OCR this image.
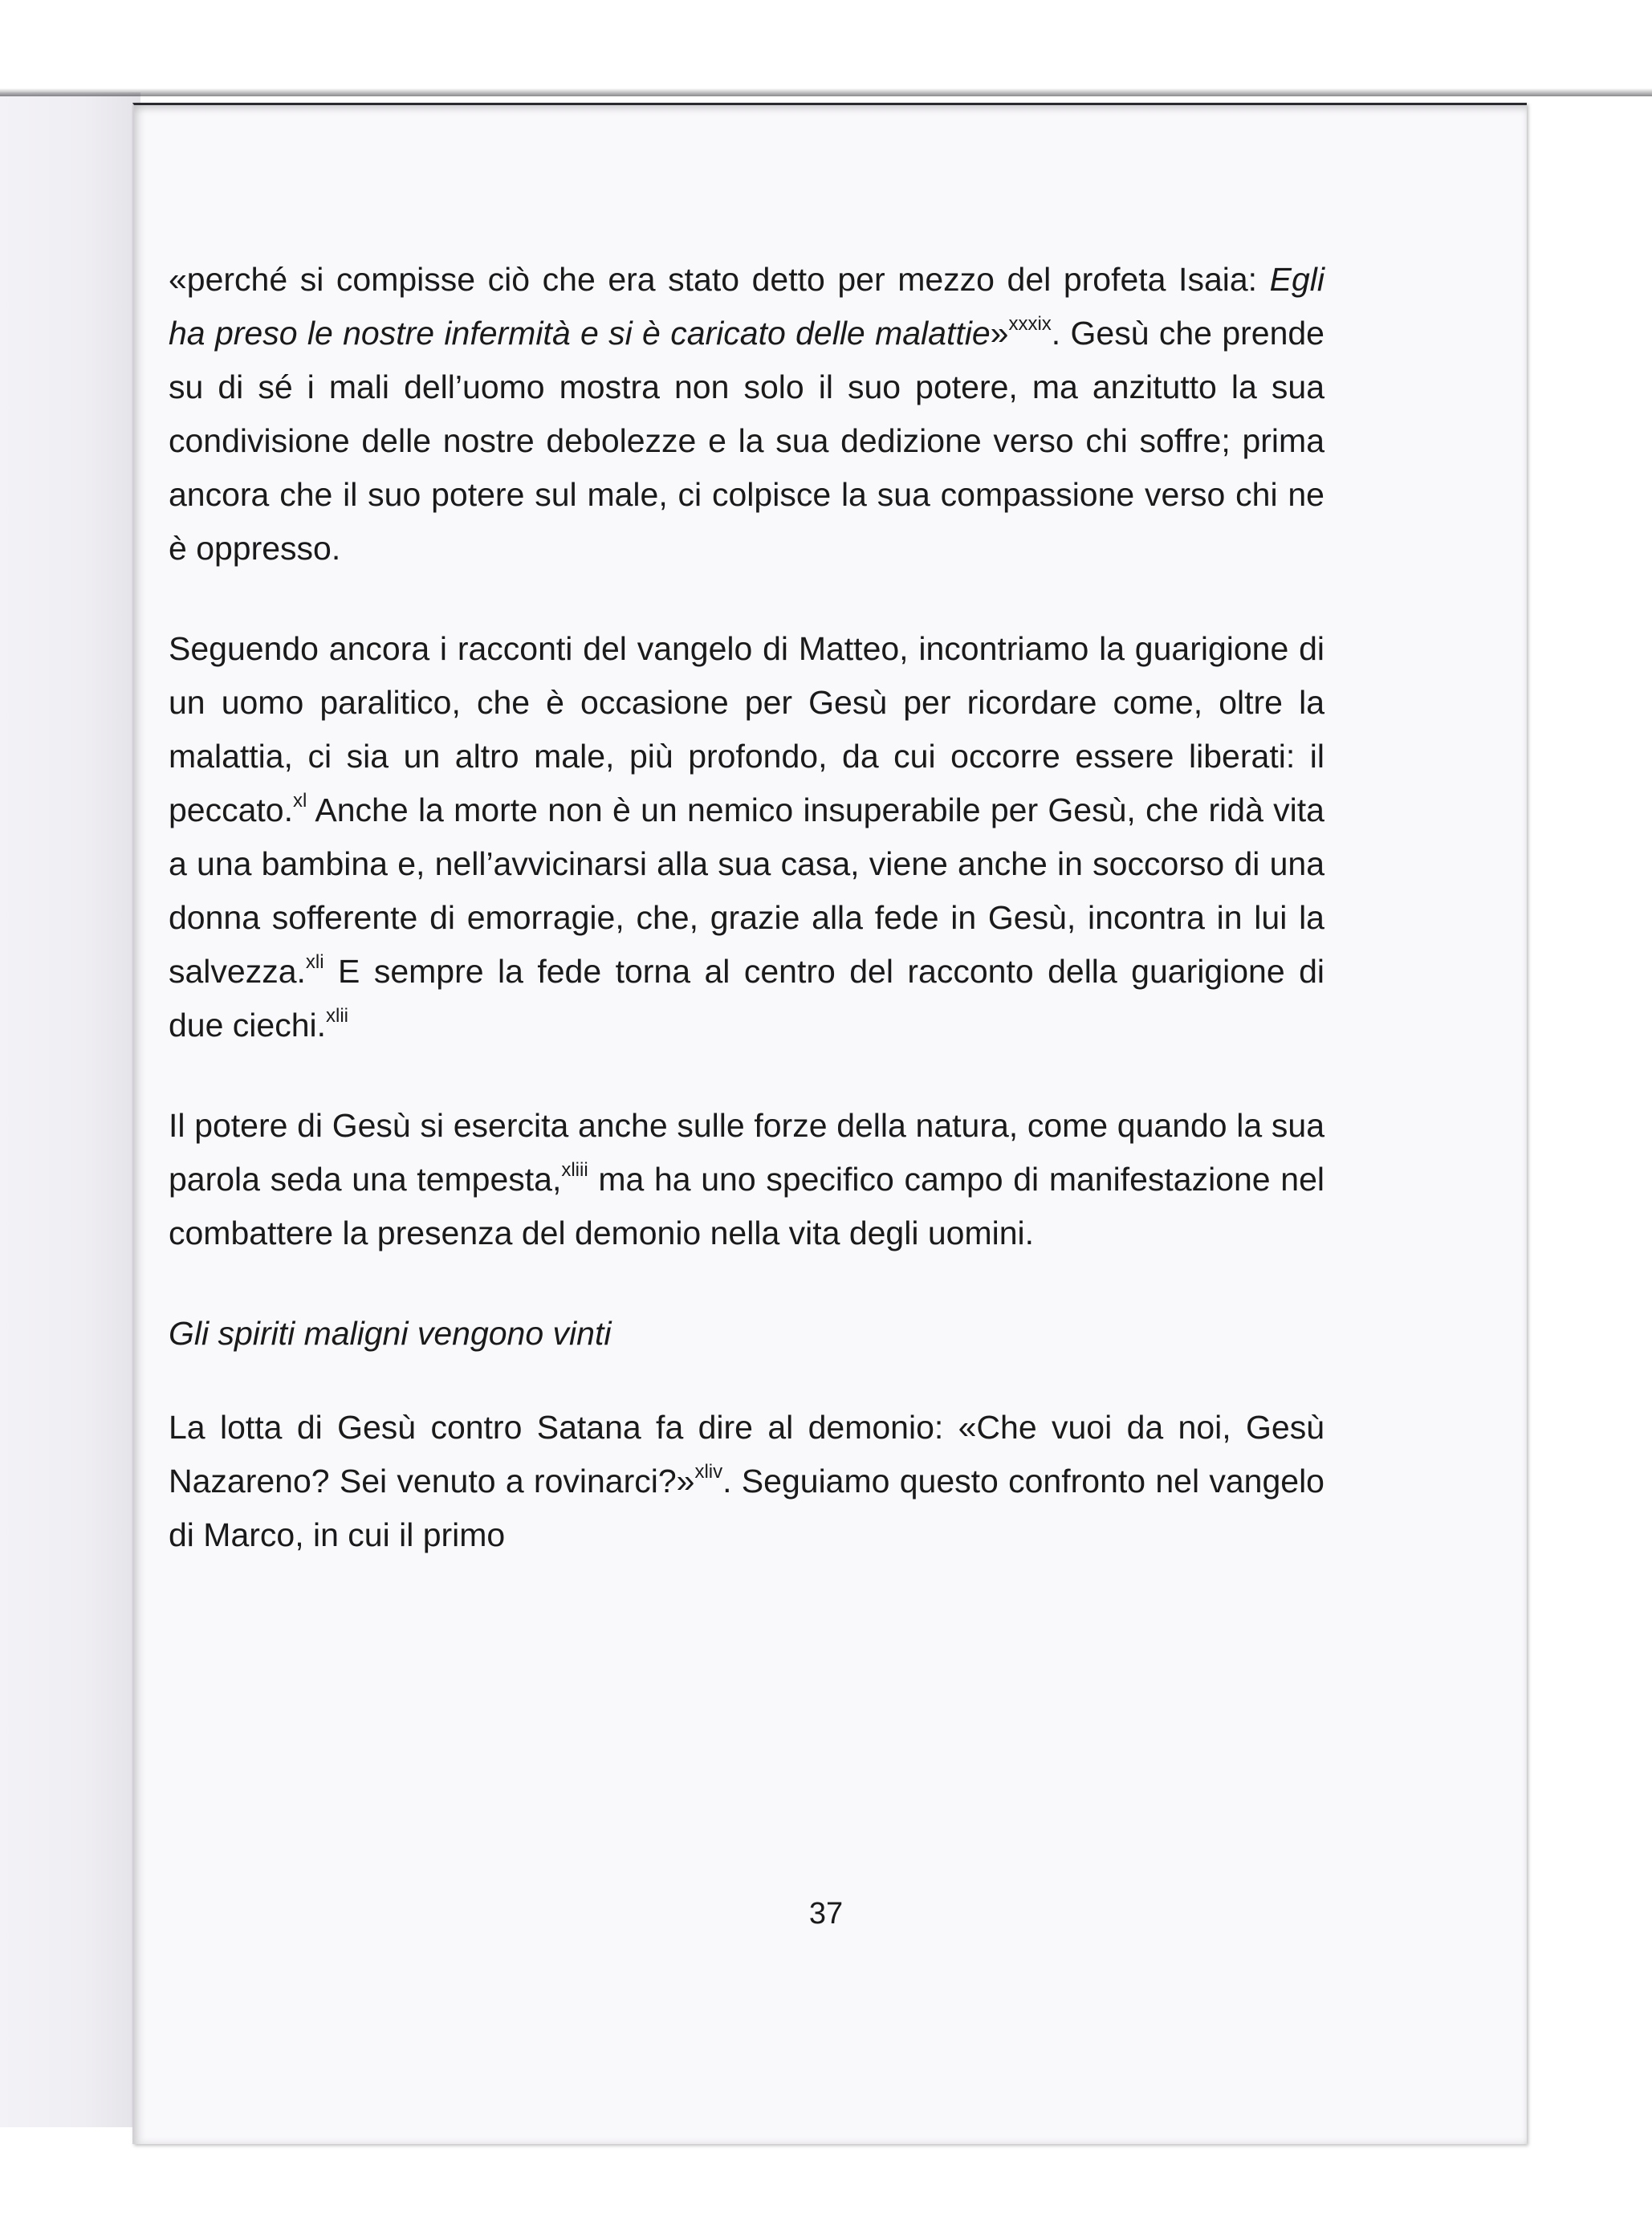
«perché si compisse ciò che era stato detto per mezzo del profeta Isaia: Egli ha preso le nostre infermità e si è caricato delle malattie»$^{xxxix}$. Gesù che prende su di sé i mali dell’uomo mostra non solo il suo potere, ma anzitutto la sua condivisione delle nostre debolezze e la sua dedizione verso chi soffre; prima ancora che il suo potere sul male, ci colpisce la sua compassione verso chi ne è oppresso.

Seguendo ancora i racconti del vangelo di Matteo, incontriamo la guarigione di un uomo paralitico, che è occasione per Gesù per ricordare come, oltre la malattia, ci sia un altro male, più profondo, da cui occorre essere liberati: il peccato.$^{xl}$ Anche la morte non è un nemico insuperabile per Gesù, che ridà vita a una bambina e, nell’avvicinarsi alla sua casa, viene anche in soccorso di una donna sofferente di emorragie, che, grazie alla fede in Gesù, incontra in lui la salvezza.$^{xli}$ E sempre la fede torna al centro del racconto della guarigione di due ciechi.$^{xlii}$

Il potere di Gesù si esercita anche sulle forze della natura, come quando la sua parola seda una tempesta,$^{xliii}$ ma ha uno specifico campo di manifestazione nel combattere la presenza del demonio nella vita degli uomini.

Gli spiriti maligni vengono vinti

La lotta di Gesù contro Satana fa dire al demonio: «Che vuoi da noi, Gesù Nazareno? Sei venuto a rovinarci?»$^{xliv}$. Seguiamo questo confronto nel vangelo di Marco, in cui il primo

37
